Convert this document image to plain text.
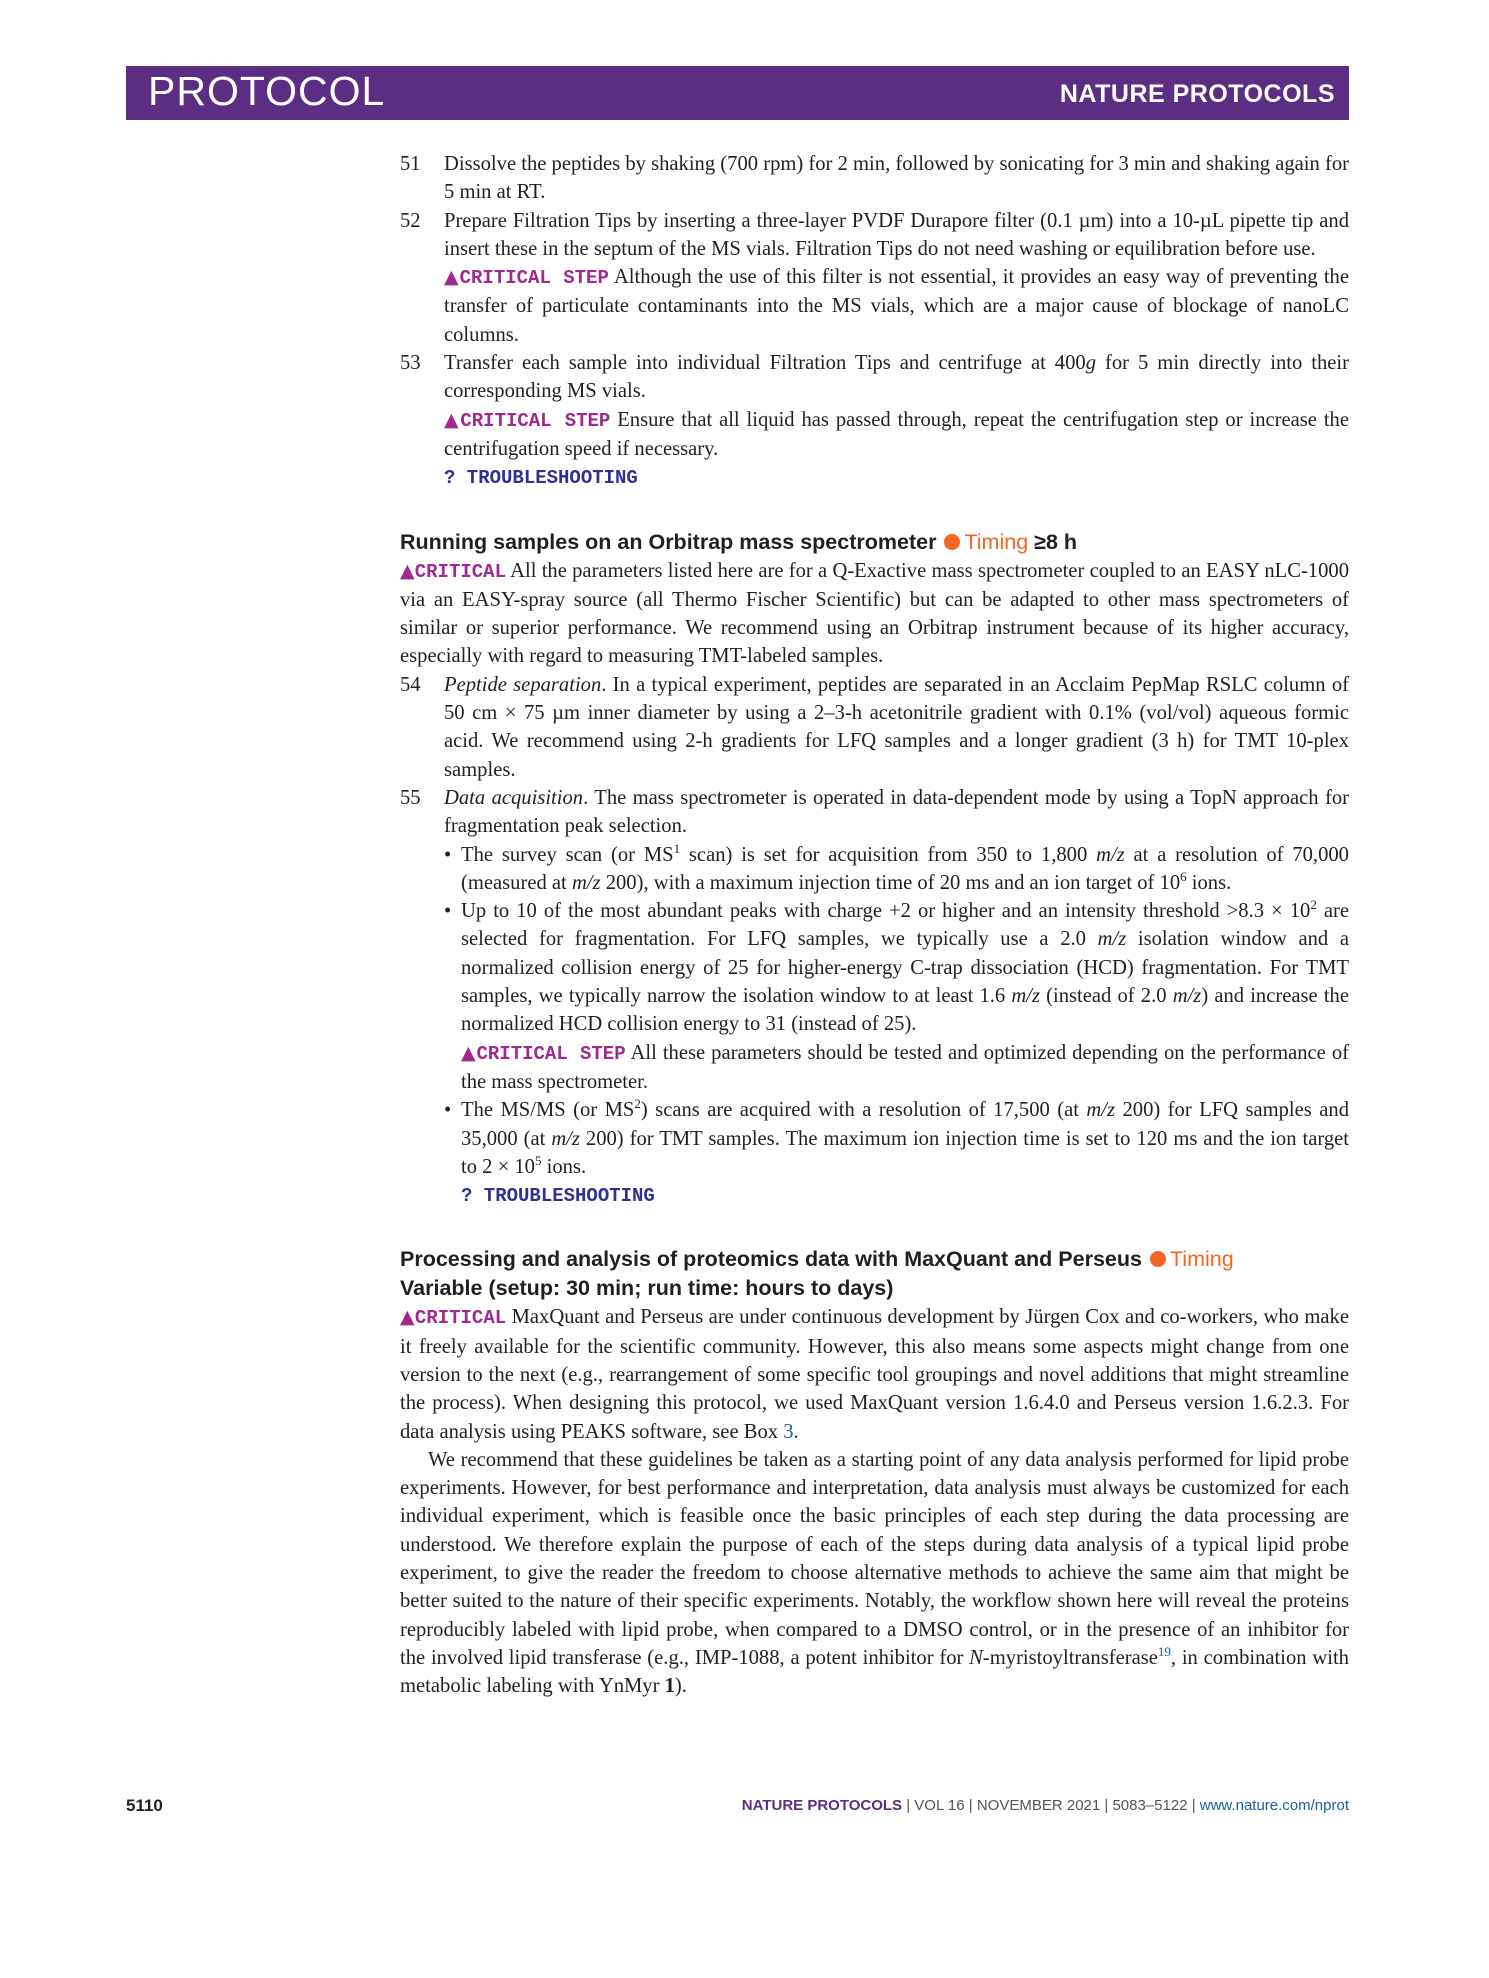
PROTOCOL	NATURE PROTOCOLS

51 Dissolve the peptides by shaking (700 rpm) for 2 min, followed by sonicating for 3 min and shaking again for 5 min at RT.

52 Prepare Filtration Tips by inserting a three-layer PVDF Durapore filter (0.1 µm) into a 10-µL pipette tip and insert these in the septum of the MS vials. Filtration Tips do not need washing or equilibration before use.

▲CRITICAL STEP Although the use of this filter is not essential, it provides an easy way of preventing the transfer of particulate contaminants into the MS vials, which are a major cause of blockage of nanoLC columns.

53 Transfer each sample into individual Filtration Tips and centrifuge at 400g for 5 min directly into their corresponding MS vials.

▲CRITICAL STEP Ensure that all liquid has passed through, repeat the centrifugation step or increase the centrifugation speed if necessary.

? TROUBLESHOOTING

Running samples on an Orbitrap mass spectrometer Timing ≥8 h

▲CRITICAL All the parameters listed here are for a Q-Exactive mass spectrometer coupled to an EASY nLC-1000 via an EASY-spray source (all Thermo Fischer Scientific) but can be adapted to other mass spectrometers of similar or superior performance. We recommend using an Orbitrap instrument because of its higher accuracy, especially with regard to measuring TMT-labeled samples.

54 Peptide separation. In a typical experiment, peptides are separated in an Acclaim PepMap RSLC column of 50 cm × 75 µm inner diameter by using a 2–3-h acetonitrile gradient with 0.1% (vol/vol) aqueous formic acid. We recommend using 2-h gradients for LFQ samples and a longer gradient (3 h) for TMT 10-plex samples.

55 Data acquisition. The mass spectrometer is operated in data-dependent mode by using a TopN approach for fragmentation peak selection.

• The survey scan (or $MS^1$ scan) is set for acquisition from 350 to 1,800 m/z at a resolution of 70,000 (measured at m/z 200), with a maximum injection time of 20 ms and an ion target of $10^6$ ions.

• Up to 10 of the most abundant peaks with charge +2 or higher and an intensity threshold $>8.3 \times 10^2$ are selected for fragmentation. For LFQ samples, we typically use a 2.0 m/z isolation window and a normalized collision energy of 25 for higher-energy C-trap dissociation (HCD) fragmentation. For TMT samples, we typically narrow the isolation window to at least 1.6 m/z (instead of 2.0 m/z) and increase the normalized HCD collision energy to 31 (instead of 25).

▲CRITICAL STEP All these parameters should be tested and optimized depending on the performance of the mass spectrometer.

• The MS/MS (or $MS^2$) scans are acquired with a resolution of 17,500 (at m/z 200) for LFQ samples and 35,000 (at m/z 200) for TMT samples. The maximum ion injection time is set to 120 ms and the ion target to $2 \times 10^5$ ions.

? TROUBLESHOOTING

Processing and analysis of proteomics data with MaxQuant and Perseus Timing
Variable (setup: 30 min; run time: hours to days)

▲CRITICAL MaxQuant and Perseus are under continuous development by Jürgen Cox and co-workers, who make it freely available for the scientific community. However, this also means some aspects might change from one version to the next (e.g., rearrangement of some specific tool groupings and novel additions that might streamline the process). When designing this protocol, we used MaxQuant version 1.6.4.0 and Perseus version 1.6.2.3. For data analysis using PEAKS software, see Box 3.

We recommend that these guidelines be taken as a starting point of any data analysis performed for lipid probe experiments. However, for best performance and interpretation, data analysis must always be customized for each individual experiment, which is feasible once the basic principles of each step during the data processing are understood. We therefore explain the purpose of each of the steps during data analysis of a typical lipid probe experiment, to give the reader the freedom to choose alternative methods to achieve the same aim that might be better suited to the nature of their specific experiments. Notably, the workflow shown here will reveal the proteins reproducibly labeled with lipid probe, when compared to a DMSO control, or in the presence of an inhibitor for the involved lipid transferase (e.g., IMP-1088, a potent inhibitor for N-myristoyltransferase$^{19}$, in combination with metabolic labeling with YnMyr 1).

5110	NATURE PROTOCOLS | VOL 16 | NOVEMBER 2021 | 5083–5122 | www.nature.com/nprot
